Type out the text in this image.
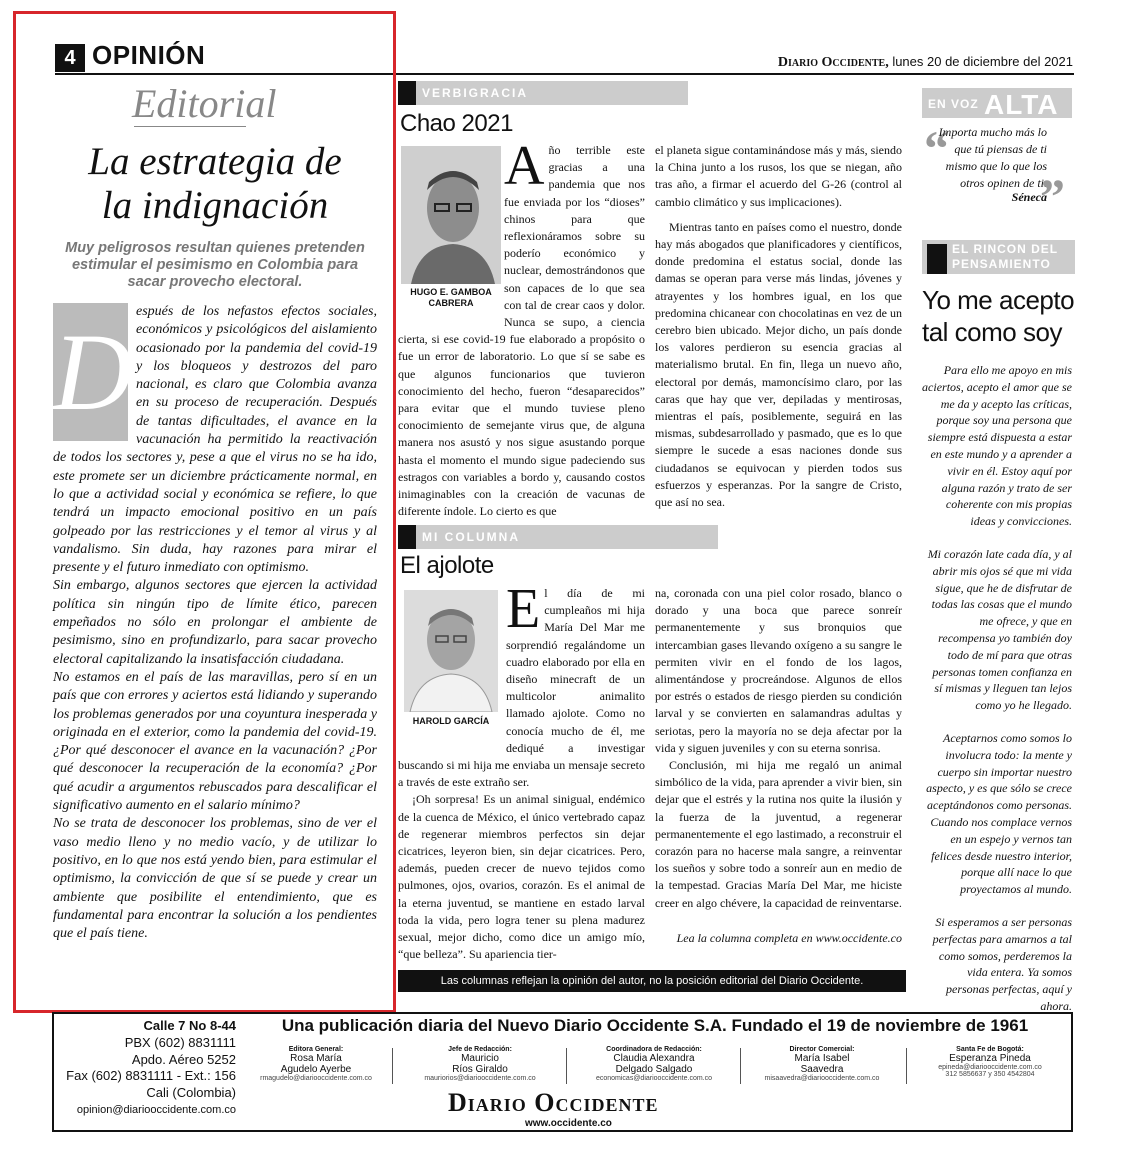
4 OPINIÓN	Diario Occidente, lunes 20 de diciembre del 2021
Editorial
La estrategia de
la indignación
Muy peligrosos resultan quienes pretenden estimular el pesimismo en Colombia para sacar provecho electoral.

D espués de los nefastos efectos sociales, económicos y psicológicos del aislamiento ocasionado por la pandemia del covid-19 y los bloqueos y destrozos del paro nacional, es claro que Colombia avanza en su proceso de recuperación. Después de tantas dificultades, el avance en la vacunación ha permitido la reactivación de todos los sectores y, pese a que el virus no se ha ido, este promete ser un diciembre prácticamente normal, en lo que a actividad social y económica se refiere, lo que tendrá un impacto emocional positivo en un país golpeado por las restricciones y el temor al virus y al vandalismo. Sin duda, hay razones para mirar el presente y el futuro inmediato con optimismo.

Sin embargo, algunos sectores que ejercen la actividad política sin ningún tipo de límite ético, parecen empeñados no sólo en prolongar el ambiente de pesimismo, sino en profundizarlo, para sacar provecho electoral capitalizando la insatisfacción ciudadana.

No estamos en el país de las maravillas, pero sí en un país que con errores y aciertos está lidiando y superando los problemas generados por una coyuntura inesperada y originada en el exterior, como la pandemia del covid-19. ¿Por qué desconocer el avance en la vacunación? ¿Por qué desconocer la recuperación de la economía? ¿Por qué acudir a argumentos rebuscados para descalificar el significativo aumento en el salario mínimo?

No se trata de desconocer los problemas, sino de ver el vaso medio lleno y no medio vacío, y de utilizar lo positivo, en lo que nos está yendo bien, para estimular el optimismo, la convicción de que sí se puede y crear un ambiente que posibilite el entendimiento, que es fundamental para encontrar la solución a los pendientes que el país tiene.

VERBIGRACIA
Chao 2021
HUGO E. GAMBOA CABRERA

Año terrible este gracias a una pandemia que nos fue enviada por los “dioses” chinos para que reflexionáramos sobre su poderío económico y nuclear, demostrándonos que son capaces de lo que sea con tal de crear caos y dolor. Nunca se supo, a ciencia cierta, si ese covid-19 fue elaborado a propósito o fue un error de laboratorio. Lo que sí se sabe es que algunos funcionarios que tuvieron conocimiento del hecho, fueron “desaparecidos” para evitar que el mundo tuviese pleno conocimiento de semejante virus que, de alguna manera nos asustó y nos sigue asustando porque hasta el momento el mundo sigue padeciendo sus estragos con variables a bordo y, causando costos inimaginables con la creación de vacunas de diferente índole. Lo cierto es que

el planeta sigue contaminándose más y más, siendo la China junto a los rusos, los que se niegan, año tras año, a firmar el acuerdo del G-26 (control al cambio climático y sus implicaciones).

Mientras tanto en países como el nuestro, donde hay más abogados que planificadores y científicos, donde predomina el estatus social, donde las damas se operan para verse más lindas, jóvenes y atrayentes y los hombres igual, en los que predomina chicanear con chocolatinas en vez de un cerebro bien ubicado. Mejor dicho, un país donde los valores perdieron su esencia gracias al materialismo brutal. En fin, llega un nuevo año, electoral por demás, mamoncísimo claro, por las caras que hay que ver, depiladas y mentirosas, mientras el país, posiblemente, seguirá en las mismas, subdesarrollado y pasmado, que es lo que siempre le sucede a esas naciones donde sus ciudadanos se equivocan y pierden todos sus esfuerzos y esperanzas. Por la sangre de Cristo, que así no sea.

MI COLUMNA
El ajolote
HAROLD GARCÍA

El día de mi cumpleaños mi hija María Del Mar me sorprendió regalándome un cuadro elaborado por ella en diseño minecraft de un multicolor animalito llamado ajolote. Como no conocía mucho de él, me dediqué a investigar buscando si mi hija me enviaba un mensaje secreto a través de este extraño ser.

¡Oh sorpresa! Es un animal sinigual, endémico de la cuenca de México, el único vertebrado capaz de regenerar miembros perfectos sin dejar cicatrices, leyeron bien, sin dejar cicatrices. Pero, además, pueden crecer de nuevo tejidos como pulmones, ojos, ovarios, corazón. Es el animal de la eterna juventud, se mantiene en estado larval toda la vida, pero logra tener su plena madurez sexual, mejor dicho, como dice un amigo mío, “que belleza”. Su apariencia tier-

na, coronada con una piel color rosado, blanco o dorado y una boca que parece sonreír permanentemente y sus bronquios que intercambian gases llevando oxígeno a su sangre le permiten vivir en el fondo de los lagos, alimentándose y procreándose. Algunos de ellos por estrés o estados de riesgo pierden su condición larval y se convierten en salamandras adultas y seriotas, pero la mayoría no se deja afectar por la vida y siguen juveniles y con su eterna sonrisa.

Conclusión, mi hija me regaló un animal simbólico de la vida, para aprender a vivir bien, sin dejar que el estrés y la rutina nos quite la ilusión y la fuerza de la juventud, a regenerar permanentemente el ego lastimado, a reconstruir el corazón para no hacerse mala sangre, a reinventar los sueños y sobre todo a sonreír aun en medio de la tempestad. Gracias María Del Mar, me hiciste creer en algo chévere, la capacidad de reinventarse.

Lea la columna completa en www.occidente.co

Las columnas reflejan la opinión del autor, no la posición editorial del Diario Occidente.
EN VOZ ALTA
“
Importa mucho más lo que tú piensas de ti mismo que lo que los otros opinen de ti.
”
Séneca
EL RINCON DEL PENSAMIENTO
Yo me acepto tal como soy

Para ello me apoyo en mis aciertos, acepto el amor que se me da y acepto las críticas, porque soy una persona que siempre está dispuesta a estar en este mundo y a aprender a vivir en él. Estoy aquí por alguna razón y trato de ser coherente con mis propias ideas y convicciones.

Mi corazón late cada día, y al abrir mis ojos sé que mi vida sigue, que he de disfrutar de todas las cosas que el mundo me ofrece, y que en recompensa yo también doy todo de mí para que otras personas tomen confianza en sí mismas y lleguen tan lejos como yo he llegado.

Aceptarnos como somos lo involucra todo: la mente y cuerpo sin importar nuestro aspecto, y es que sólo se crece aceptándonos como personas. Cuando nos complace vernos en un espejo y vernos tan felices desde nuestro interior, porque allí nace lo que proyectamos al mundo.

Si esperamos a ser personas perfectas para amarnos a tal como somos, perderemos la vida entera. Ya somos personas perfectas, aquí y ahora.

Calle 7 No 8-44
PBX (602) 8831111
Apdo. Aéreo 5252
Fax (602) 8831111 - Ext.: 156
Cali (Colombia)
opinion@diariooccidente.com.co
Una publicación diaria del Nuevo Diario Occidente S.A. Fundado el 19 de noviembre de 1961
Editora General:
Rosa María
Agudelo Ayerbe
rmagudelo@diariooccidente.com.co
Jefe de Redacción:
Mauricio
Ríos Giraldo
mauriorios@diariooccidente.com.co
Coordinadora de Redacción:
Claudia Alexandra
Delgado Salgado
economicas@diariooccidente.com.co
Director Comercial:
María Isabel
Saavedra
misaavedra@diariooccidente.com.co
Santa Fe de Bogotá:
Esperanza Pineda
epineda@diariooccidente.com.co
312 5856637 y 350 4542804
Diario Occidente
www.occidente.co
